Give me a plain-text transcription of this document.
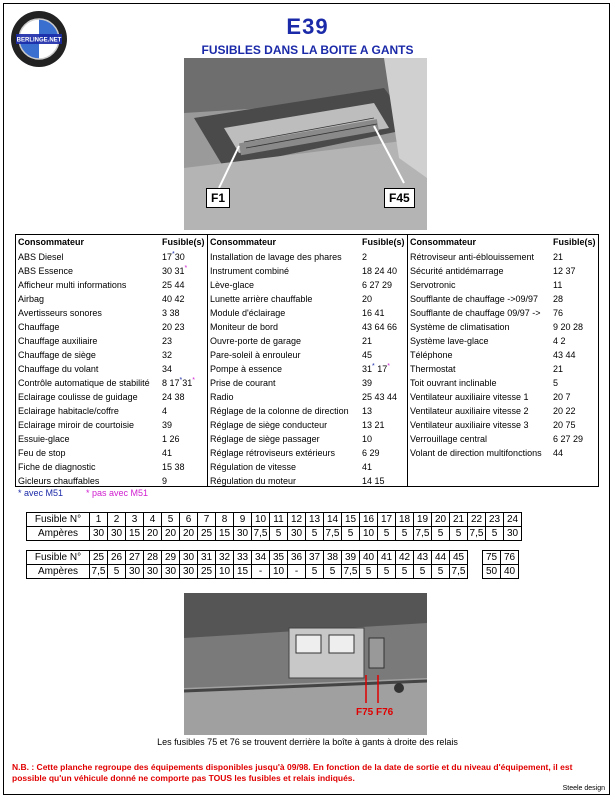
BERLINGE.NET
E39
FUSIBLES DANS LA BOITE A GANTS
F1	F45
Consommateur	Fusible(s)
ABS Diesel	17*30
ABS Essence	30 31*
Afficheur multi informations	25 44
Airbag	40 42
Avertisseurs sonores	3 38
Chauffage	20 23
Chauffage auxiliaire	23
Chauffage de siège	32
Chauffage du volant	34
Contrôle automatique de stabilité	8 17*31*
Eclairage coulisse de guidage	24 38
Eclairage habitacle/coffre	4
Eclairage miroir de courtoisie	39
Essuie-glace	1 26
Feu de stop	41
Fiche de diagnostic	15 38
Gicleurs chauffables	9
Consommateur	Fusible(s)
Installation de lavage des phares	2
Instrument combiné	18 24 40
Lève-glace	6 27 29
Lunette arrière chauffable	20
Module d'éclairage	16 41
Moniteur de bord	43 64 66
Ouvre-porte de garage	21
Pare-soleil à enrouleur	45
Pompe à essence	31* 17*
Prise de courant	39
Radio	25 43 44
Réglage de la colonne de direction	13
Réglage de siège conducteur	13 21
Réglage de siège passager	10
Réglage rétroviseurs extérieurs	6 29
Régulation de vitesse	41
Régulation du moteur	14 15
Consommateur	Fusible(s)
Rétroviseur anti-éblouissement	21
Sécurité antidémarrage	12 37
Servotronic	11
Soufflante de chauffage ->09/97	28
Soufflante de chauffage 09/97 ->	76
Système de climatisation	9 20 28
Système lave-glace	4 2
Téléphone	43 44
Thermostat	21
Toit ouvrant inclinable	5
Ventilateur auxiliaire vitesse 1	20 7
Ventilateur auxiliaire vitesse 2	20 22
Ventilateur auxiliaire vitesse 3	20 75
Verrouillage central	6 27 29
Volant de direction multifonctions	44
* avec M51	* pas avec M51
Fusible N°	1	2	3	4	5	6	7	8	9	10	11	12	13	14	15	16	17	18	19	20	21	22	23	24
Ampères	30	30	15	20	20	20	25	15	30	7,5	5	30	5	7,5	5	10	5	5	7,5	5	5	7,5	5	30
Fusible N°	25	26	27	28	29	30	31	32	33	34	35	36	37	38	39	40	41	42	43	44	45		75	76
Ampères	7,5	5	30	30	30	30	25	10	15	-	10	-	5	5	7,5	5	5	5	5	5	7,5		50	40
F75 F76
Les fusibles 75 et 76 se trouvent derrière la boîte à gants à droite des relais
N.B. : Cette planche regroupe des équipements disponibles jusqu'à 09/98. En fonction de la date de sortie et du niveau d'équipement, il est possible qu'un véhicule donné ne comporte pas TOUS les fusibles et relais indiqués.
Steele design
